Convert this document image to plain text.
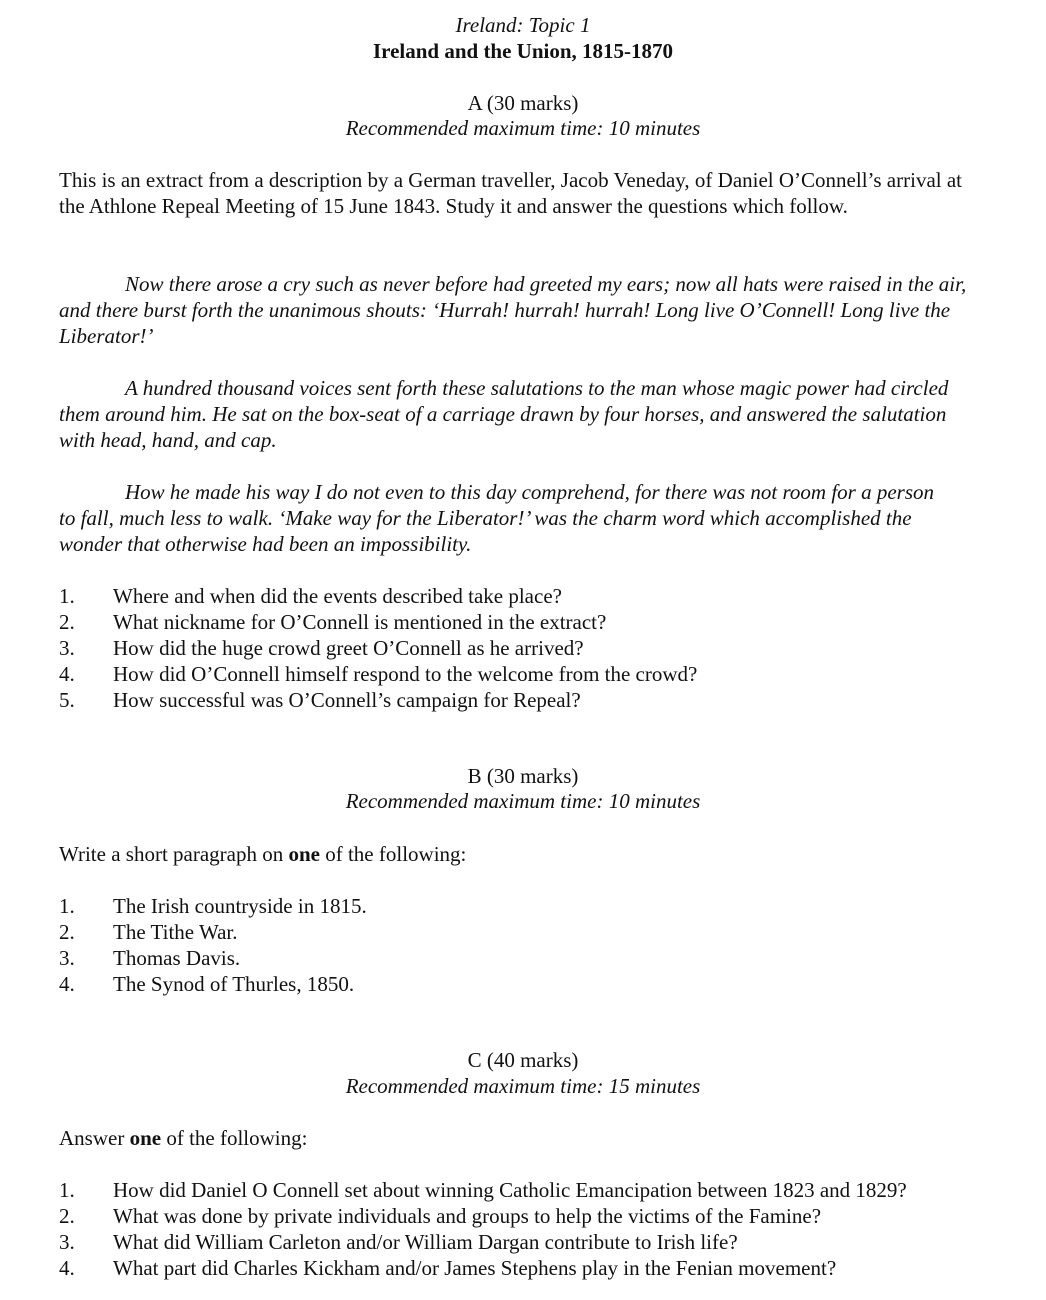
Ireland: Topic 1
Ireland and the Union, 1815-1870
A (30 marks)
Recommended maximum time: 10 minutes

This is an extract from a description by a German traveller, Jacob Veneday, of Daniel O’Connell’s arrival at the Athlone Repeal Meeting of 15 June 1843. Study it and answer the questions which follow.

Now there arose a cry such as never before had greeted my ears; now all hats were raised in the air, and there burst forth the unanimous shouts: ‘Hurrah! hurrah! hurrah! Long live O’Connell! Long live the Liberator!’

A hundred thousand voices sent forth these salutations to the man whose magic power had circled them around him. He sat on the box-seat of a carriage drawn by four horses, and answered the salutation with head, hand, and cap.

How he made his way I do not even to this day comprehend, for there was not room for a person to fall, much less to walk. ‘Make way for the Liberator!’ was the charm word which accomplished the wonder that otherwise had been an impossibility.

1. Where and when did the events described take place?
2. What nickname for O’Connell is mentioned in the extract?
3. How did the huge crowd greet O’Connell as he arrived?
4. How did O’Connell himself respond to the welcome from the crowd?
5. How successful was O’Connell’s campaign for Repeal?
B (30 marks)
Recommended maximum time: 10 minutes

Write a short paragraph on one of the following:

1. The Irish countryside in 1815.
2. The Tithe War.
3. Thomas Davis.
4. The Synod of Thurles, 1850.
C (40 marks)
Recommended maximum time: 15 minutes

Answer one of the following:

1. How did Daniel O Connell set about winning Catholic Emancipation between 1823 and 1829?
2. What was done by private individuals and groups to help the victims of the Famine?
3. What did William Carleton and/or William Dargan contribute to Irish life?
4. What part did Charles Kickham and/or James Stephens play in the Fenian movement?
